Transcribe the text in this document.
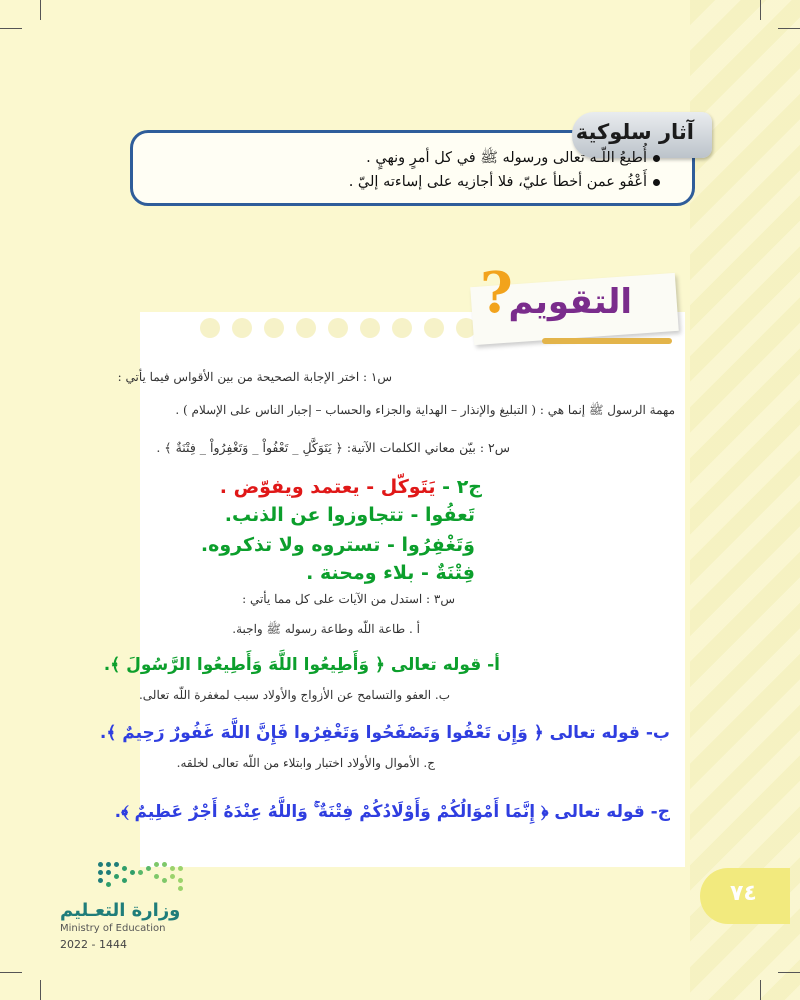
آثار سلوكية
أُطيعُ اللّـه تعالى ورسوله ﷺ في كل أمرٍ ونهيٍ .
أَعْفُو عمن أخطأ عليّ، فلا أجازيه على إساءته إليّ .
?
التقويم
س١ : اختر الإجابة الصحيحة من بين الأقواس فيما يأتي :
مهمة الرسول ﷺ إنما هي : ( التبليغ والإنذار – الهداية والجزاء والحساب – إجبار الناس على الإسلام ) .
س٢ : بيّن معاني الكلمات الآتية: ﴿ يَتَوَكَّلِ _ تَعْفُواْ _ وَتَغْفِرُواْ _ فِتْنَةٌ ﴾ .
ج٢ - يَتَوكّل - يعتمد ويفوّض .
تَعفُوا - تتجاوزوا عن الذنب.
وَتَغْفِرُوا - تستروه ولا تذكروه.
فِتْنَةٌ - بلاء ومحنة .
س٣ : استدل من الآيات على كل مما يأتي :
أ . طاعة اللّه وطاعة رسوله ﷺ واجبة.
أ- قوله تعالى ﴿ وَأَطِيعُوا اللَّهَ وَأَطِيعُوا الرَّسُولَ ﴾.
ب. العفو والتسامح عن الأزواج والأولاد سبب لمغفرة اللّه تعالى.
ب- قوله تعالى ﴿ وَإِن تَعْفُوا وَتَصْفَحُوا وَتَغْفِرُوا فَإِنَّ اللَّهَ غَفُورٌ رَحِيمٌ ﴾.
ج. الأموال والأولاد اختبار وابتلاء من اللّه تعالى لخلقه.
ج- قوله تعالى ﴿ إِنَّمَا أَمْوَالُكُمْ وَأَوْلَادُكُمْ فِتْنَةٌ ۚ وَاللَّهُ عِنْدَهُ أَجْرٌ عَظِيمٌ ﴾.
وزارة التعـليم
Ministry of Education
2022 - 1444
٧٤
